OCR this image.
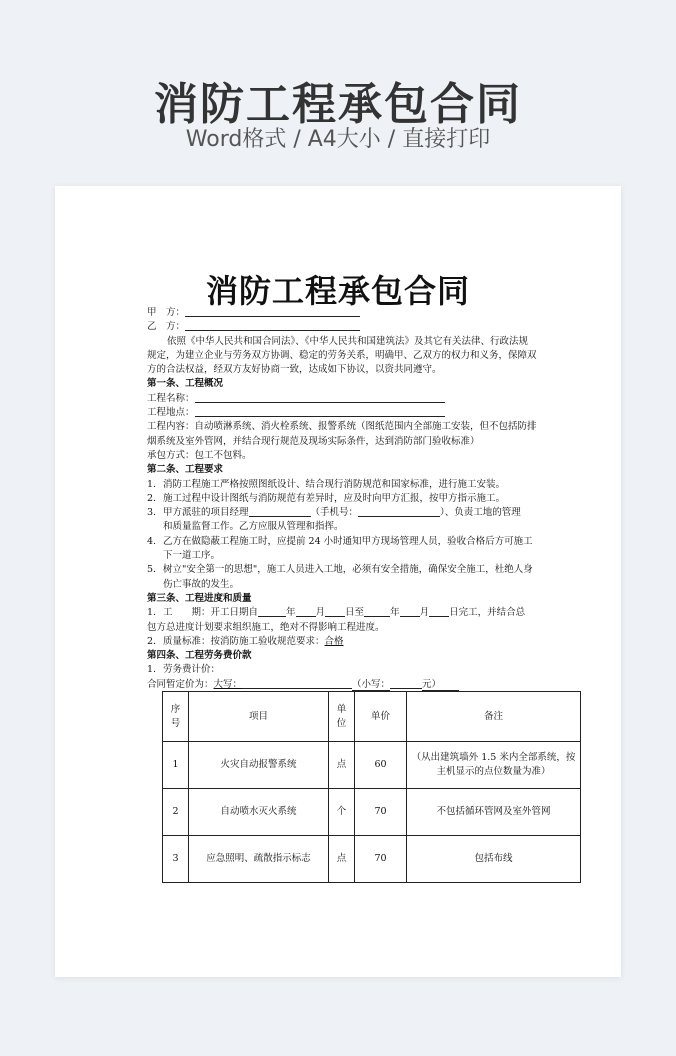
消防工程承包合同
Word格式 / A4大小 / 直接打印
消防工程承包合同
甲　方：
乙　方：
依照《中华人民共和国合同法》、《中华人民共和国建筑法》及其它有关法律、行政法规规定，为建立企业与劳务双方协调、稳定的劳务关系，明确甲、乙双方的权力和义务，保障双方的合法权益，经双方友好协商一致，达成如下协议，以资共同遵守。
第一条、工程概况
工程名称：
工程地点：
工程内容：自动喷淋系统、消火栓系统、报警系统（图纸范围内全部施工安装，但不包括防排烟系统及室外管网，并结合现行规范及现场实际条件，达到消防部门验收标准）
承包方式：包工不包料。
第二条、工程要求
1. 消防工程施工严格按照图纸设计、结合现行消防规范和国家标准，进行施工安装。
2. 施工过程中设计图纸与消防规范有差异时，应及时向甲方汇报，按甲方指示施工。
3. 甲方派驻的项目经理	（手机号：	）、负责工地的管理
和质量监督工作。乙方应服从管理和指挥。
4. 乙方在做隐蔽工程施工时，应提前 24 小时通知甲方现场管理人员，验收合格后方可施工下一道工序。
5. 树立"安全第一的思想"，施工人员进入工地，必须有安全措施，确保安全施工，杜绝人身伤亡事故的发生。
第三条、工程进度和质量
1. 工　　期：开工日期自	年 月 日至	年 月 日完工，并结合总
包方总进度计划要求组织施工，绝对不得影响工程进度。
2. 质量标准：按消防施工验收规范要求：合格
第四条、工程劳务费价款
1. 劳务费计价：
合同暂定价为：大写：	（小写：	元）
序号	项目	单位	单价	备注
1	火灾自动报警系统	点	60	（从出建筑墙外 1.5 米内全部系统，按主机显示的点位数量为准）
2	自动喷水灭火系统	个	70	不包括循环管网及室外管网
3	应急照明、疏散指示标志	点	70	包括布线
